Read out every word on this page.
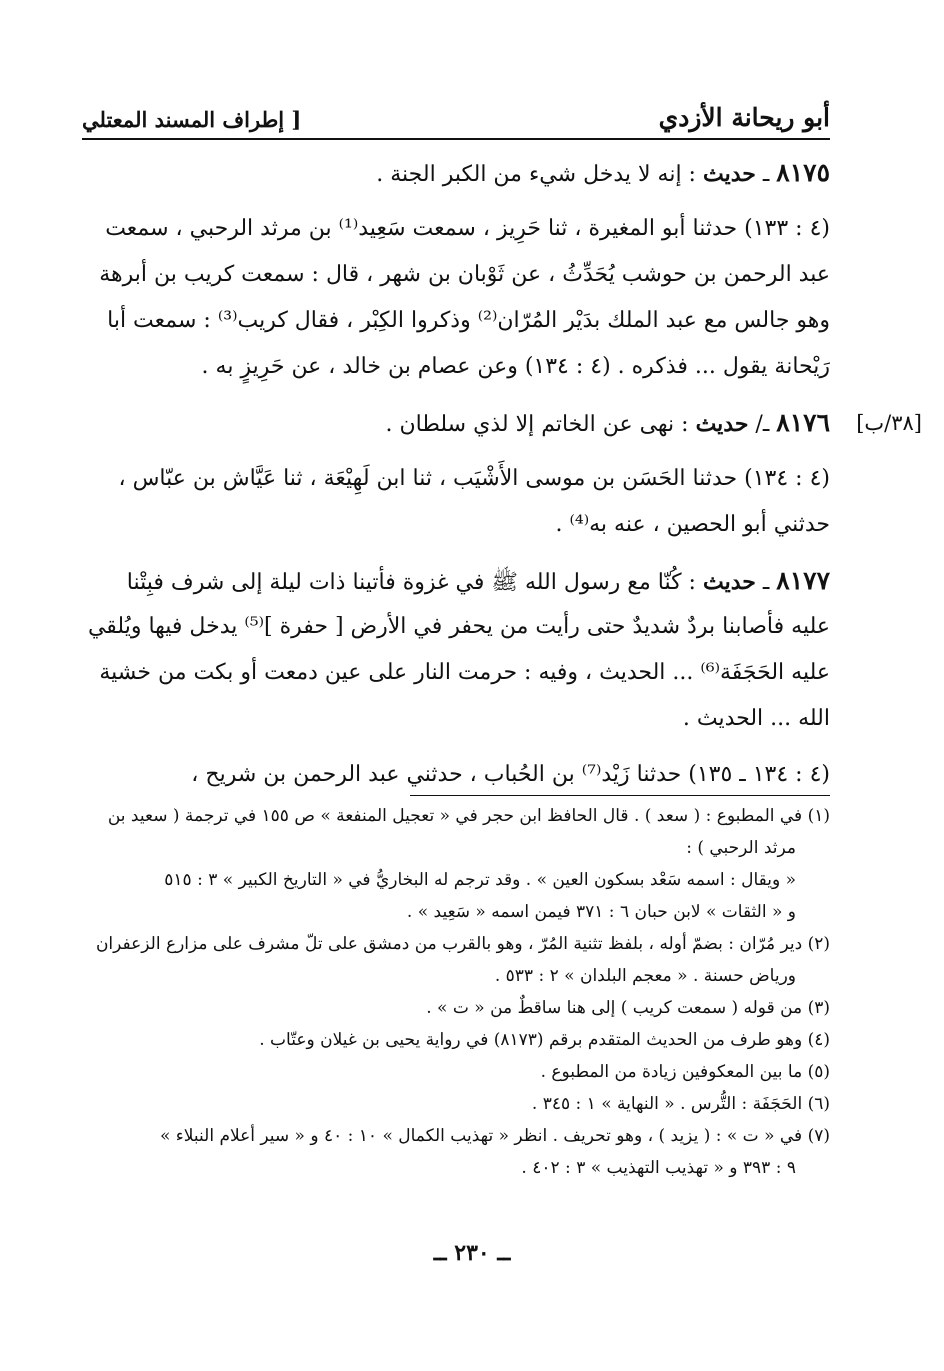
أبو ريحانة الأزدي
[ إطراف المسند المعتلي
٨١٧٥ ـ حديث : إنه لا يدخل شيء من الكبر الجنة .
(٤ : ١٣٣) حدثنا أبو المغيرة ، ثنا حَرِيز ، سمعت سَعِيد⁽¹⁾ بن مرثد الرحبي ، سمعت
عبد الرحمن بن حوشب يُحَدِّثُ ، عن ثَوْبان بن شهر ، قال : سمعت كريب بن أبرهة
وهو جالس مع عبد الملك بدَيْر المُرّان⁽²⁾ وذكروا الكِبْر ، فقال كريب⁽³⁾ : سمعت أبا
رَيْحانة يقول ... فذكره . (٤ : ١٣٤) وعن عصام بن خالد ، عن حَرِيزٍ به .
[٣٨/ب]
٨١٧٦ ـ/ حديث : نهى عن الخاتم إلا لذي سلطان .
(٤ : ١٣٤) حدثنا الحَسَن بن موسى الأَشْيَب ، ثنا ابن لَهِيْعَة ، ثنا عَيَّاش بن عبّاس ،
حدثني أبو الحصين ، عنه به⁽⁴⁾ .
٨١٧٧ ـ حديث : كُنّا مع رسول الله ﷺ في غزوة فأتينا ذات ليلة إلى شرف فبِتْنا
عليه فأصابنا بردٌ شديدٌ حتى رأيت من يحفر في الأرض [ حفرة ]⁽⁵⁾ يدخل فيها ويُلقي
عليه الحَجَفَة⁽⁶⁾ ... الحديث ، وفيه : حرمت النار على عين دمعت أو بكت من خشية
الله ... الحديث .
(٤ : ١٣٤ ـ ١٣٥) حدثنا زَيْد⁽⁷⁾ بن الحُباب ، حدثني عبد الرحمن بن شريح ،
(١) في المطبوع : ( سعد ) . قال الحافظ ابن حجر في « تعجيل المنفعة » ص ١٥٥ في ترجمة ( سعيد بن
مرثد الرحبي ) :
« ويقال : اسمه سَعْد بسكون العين » . وقد ترجم له البخاريُّ في « التاريخ الكبير » ٣ : ٥١٥
و « الثقات » لابن حبان ٦ : ٣٧١ فيمن اسمه « سَعِيد » .
(٢) دير مُرّان : بضمّ أوله ، بلفظ تثنية المُرّ ، وهو بالقرب من دمشق على تلّ مشرف على مزارع الزعفران
ورياض حسنة . « معجم البلدان » ٢ : ٥٣٣ .
(٣) من قوله ( سمعت كريب ) إلى هنا ساقطٌ من « ت » .
(٤) وهو طرف من الحديث المتقدم برقم (٨١٧٣) في رواية يحيى بن غيلان وعتّاب .
(٥) ما بين المعكوفين زيادة من المطبوع .
(٦) الحَجَفَة : التُّرس . « النهاية » ١ : ٣٤٥ .
(٧) في « ت » : ( يزيد ) ، وهو تحريف . انظر « تهذيب الكمال » ١٠ : ٤٠ و « سير أعلام النبلاء »
٩ : ٣٩٣ و « تهذيب التهذيب » ٣ : ٤٠٢ .
ــ ٢٣٠ ــ
